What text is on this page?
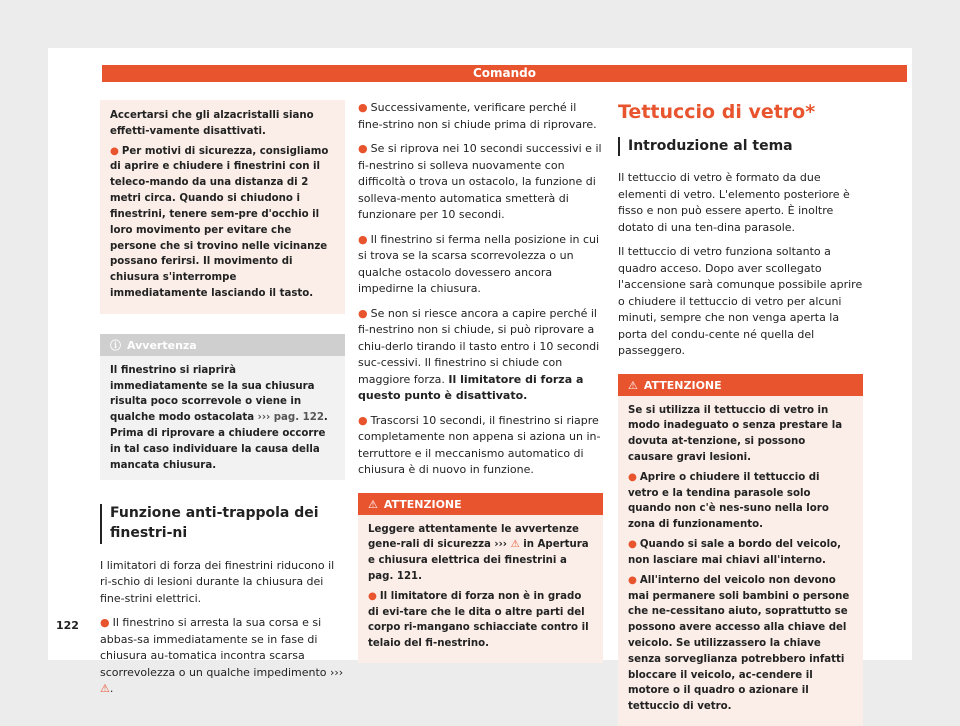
Comando

Accertarsi che gli alzacristalli siano effetti-vamente disattivati.

● Per motivi di sicurezza, consigliamo di aprire e chiudere i finestrini con il teleco-mando da una distanza di 2 metri circa. Quando si chiudono i finestrini, tenere sem-pre d'occhio il loro movimento per evitare che persone che si trovino nelle vicinanze possano ferirsi. Il movimento di chiusura s'interrompe immediatamente lasciando il tasto.

ⓘ Avvertenza
Il finestrino si riaprirà immediatamente se la sua chiusura risulta poco scorrevole o viene in qualche modo ostacolata ››› pag. 122. Prima di riprovare a chiudere occorre in tal caso individuare la causa della mancata chiusura.
Funzione anti-trappola dei finestri-ni

I limitatori di forza dei finestrini riducono il ri-schio di lesioni durante la chiusura dei fine-strini elettrici.

● Il finestrino si arresta la sua corsa e si abbas-sa immediatamente se in fase di chiusura au-tomatica incontra scarsa scorrevolezza o un qualche impedimento ››› ⚠.

● Successivamente, verificare perché il fine-strino non si chiude prima di riprovare.

● Se si riprova nei 10 secondi successivi e il fi-nestrino si solleva nuovamente con difficoltà o trova un ostacolo, la funzione di solleva-mento automatica smetterà di funzionare per 10 secondi.

● Il finestrino si ferma nella posizione in cui si trova se la scarsa scorrevolezza o un qualche ostacolo dovessero ancora impedirne la chiusura.

● Se non si riesce ancora a capire perché il fi-nestrino non si chiude, si può riprovare a chiu-derlo tirando il tasto entro i 10 secondi suc-cessivi. Il finestrino si chiude con maggiore forza. Il limitatore di forza a questo punto è disattivato.

● Trascorsi 10 secondi, il finestrino si riapre completamente non appena si aziona un in-terruttore e il meccanismo automatico di chiusura è di nuovo in funzione.

⚠ ATTENZIONE

Leggere attentamente le avvertenze gene-rali di sicurezza ››› ⚠ in Apertura e chiusura elettrica dei finestrini a pag. 121.

● Il limitatore di forza non è in grado di evi-tare che le dita o altre parti del corpo ri-mangano schiacciate contro il telaio del fi-nestrino.

Tettuccio di vetro*
Introduzione al tema

Il tettuccio di vetro è formato da due elementi di vetro. L'elemento posteriore è fisso e non può essere aperto. È inoltre dotato di una ten-dina parasole.

Il tettuccio di vetro funziona soltanto a quadro acceso. Dopo aver scollegato l'accensione sarà comunque possibile aprire o chiudere il tettuccio di vetro per alcuni minuti, sempre che non venga aperta la porta del condu-cente né quella del passeggero.

⚠ ATTENZIONE

Se si utilizza il tettuccio di vetro in modo inadeguato o senza prestare la dovuta at-tenzione, si possono causare gravi lesioni.

● Aprire o chiudere il tettuccio di vetro e la tendina parasole solo quando non c'è nes-suno nella loro zona di funzionamento.

● Quando si sale a bordo del veicolo, non lasciare mai chiavi all'interno.

● All'interno del veicolo non devono mai permanere soli bambini o persone che ne-cessitano aiuto, soprattutto se possono avere accesso alla chiave del veicolo. Se utilizzassero la chiave senza sorveglianza potrebbero infatti bloccare il veicolo, ac-cendere il motore o il quadro o azionare il tettuccio di vetro.

122
